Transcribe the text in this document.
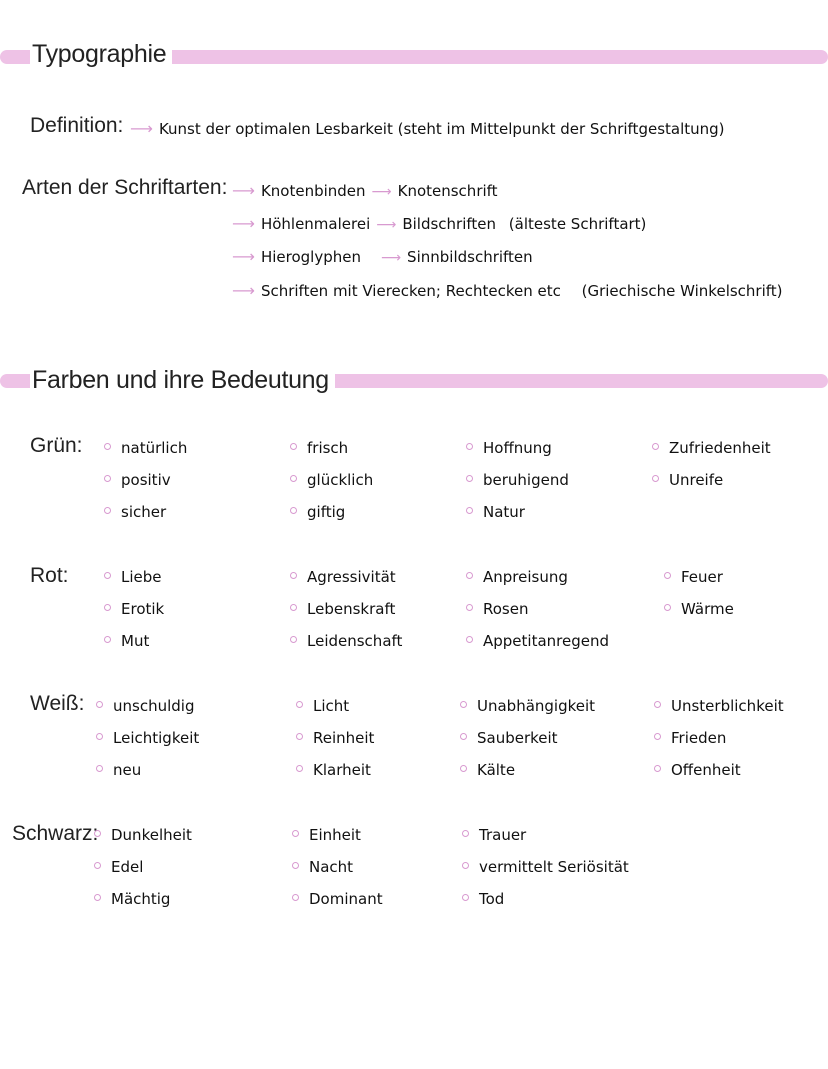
Typographie
Definition: ⟶ Kunst der optimalen Lesbarkeit (steht im Mittelpunkt der Schriftgestaltung)
Arten der Schriftarten: ⟶ Knotenbinden ⟶ Knotenschrift
⟶ Höhlenmalerei ⟶ Bildschriften (älteste Schriftart)
⟶ Hieroglyphen ⟶ Sinnbildschriften
⟶ Schriften mit Vierecken; Rechtecken etc (Griechische Winkelschrift)
Farben und ihre Bedeutung
Grün:	natürlich
positiv
sicher
frisch
glücklich
giftig
Hoffnung
beruhigend
Natur
Zufriedenheit
Unreife
Rot:	Liebe
Erotik
Mut
Agressivität
Lebenskraft
Leidenschaft
Anpreisung
Rosen
Appetitanregend
Feuer
Wärme
Weiß:	unschuldig
Leichtigkeit
neu
Licht
Reinheit
Klarheit
Unabhängigkeit
Sauberkeit
Kälte
Unsterblichkeit
Frieden
Offenheit
Schwarz: Dunkelheit
Edel
Mächtig
Einheit
Nacht
Dominant
Trauer
vermittelt Seriösität
Tod
